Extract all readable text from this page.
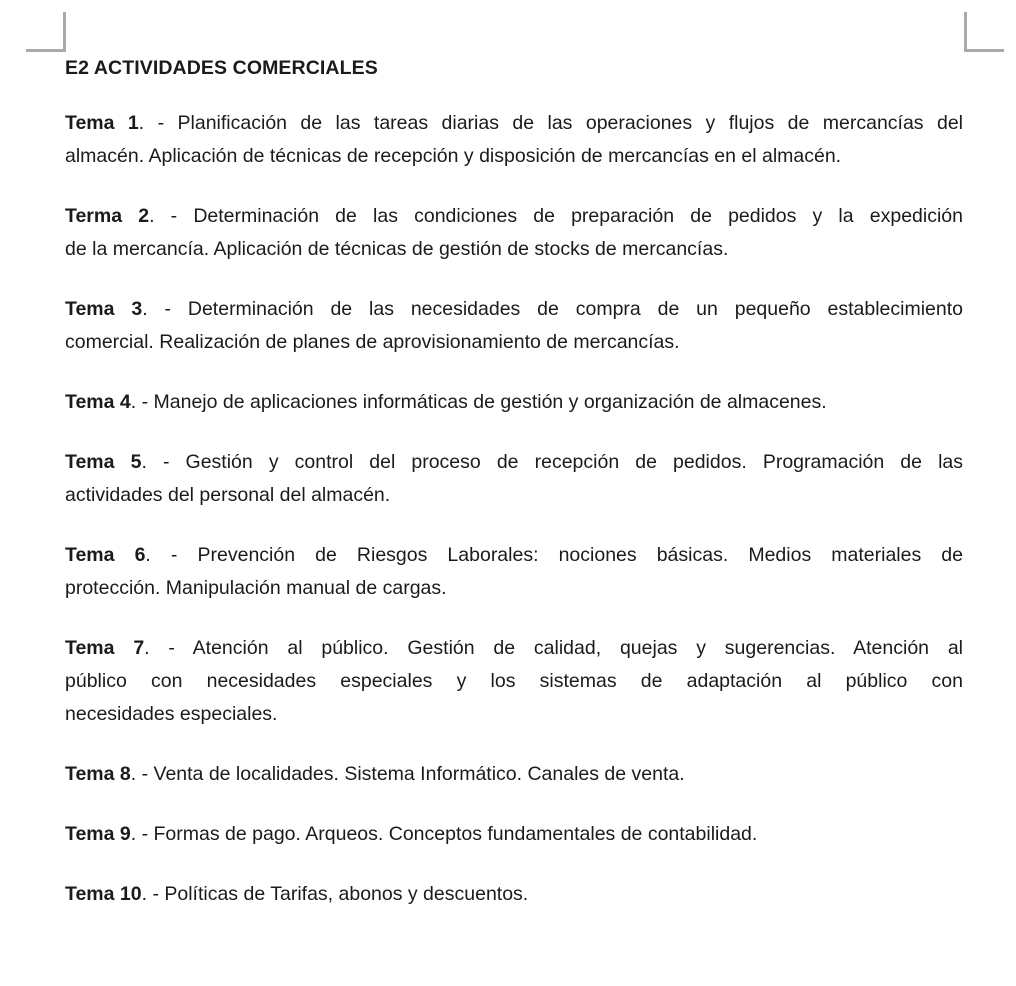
E2 ACTIVIDADES COMERCIALES
Tema 1. - Planificación de las tareas diarias de las operaciones y flujos de mercancías del
almacén. Aplicación de técnicas de recepción y disposición de mercancías en el almacén.
Terma 2. - Determinación de las condiciones de preparación de pedidos y la expedición
de la mercancía. Aplicación de técnicas de gestión de stocks de mercancías.
Tema 3. - Determinación de las necesidades de compra de un pequeño establecimiento
comercial. Realización de planes de aprovisionamiento de mercancías.
Tema 4. - Manejo de aplicaciones informáticas de gestión y organización de almacenes.
Tema 5. - Gestión y control del proceso de recepción de pedidos. Programación de las
actividades del personal del almacén.
Tema 6. - Prevención de Riesgos Laborales: nociones básicas. Medios materiales de
protección. Manipulación manual de cargas.
Tema 7. - Atención al público. Gestión de calidad, quejas y sugerencias. Atención al
público con necesidades especiales y los sistemas de adaptación al público con
necesidades especiales.
Tema 8. - Venta de localidades. Sistema Informático. Canales de venta.
Tema 9. - Formas de pago. Arqueos. Conceptos fundamentales de contabilidad.
Tema 10. - Políticas de Tarifas, abonos y descuentos.
